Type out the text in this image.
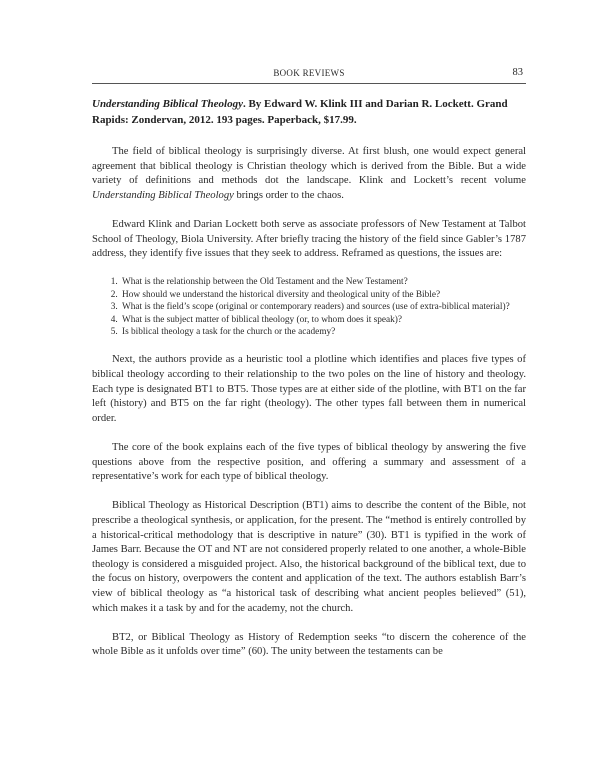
BOOK REVIEWS	83
Understanding Biblical Theology. By Edward W. Klink III and Darian R. Lockett. Grand Rapids: Zondervan, 2012. 193 pages. Paperback, $17.99.

The field of biblical theology is surprisingly diverse. At first blush, one would expect general agreement that biblical theology is Christian theology which is derived from the Bible. But a wide variety of definitions and methods dot the landscape. Klink and Lockett’s recent volume Understanding Biblical Theology brings order to the chaos.

Edward Klink and Darian Lockett both serve as associate professors of New Testament at Talbot School of Theology, Biola University. After briefly tracing the history of the field since Gabler’s 1787 address, they identify five issues that they seek to address. Reframed as questions, the issues are:

1. What is the relationship between the Old Testament and the New Testament?
2. How should we understand the historical diversity and theological unity of the Bible?
3. What is the field’s scope (original or contemporary readers) and sources (use of extra-biblical material)?
4. What is the subject matter of biblical theology (or, to whom does it speak)?
5. Is biblical theology a task for the church or the academy?

Next, the authors provide as a heuristic tool a plotline which identifies and places five types of biblical theology according to their relationship to the two poles on the line of history and theology. Each type is designated BT1 to BT5. Those types are at either side of the plotline, with BT1 on the far left (history) and BT5 on the far right (theology). The other types fall between them in numerical order.

The core of the book explains each of the five types of biblical theology by answering the five questions above from the respective position, and offering a summary and assessment of a representative’s work for each type of biblical theology.

Biblical Theology as Historical Description (BT1) aims to describe the content of the Bible, not prescribe a theological synthesis, or application, for the present. The “method is entirely controlled by a historical-critical methodology that is descriptive in nature” (30). BT1 is typified in the work of James Barr. Because the OT and NT are not considered properly related to one another, a whole-Bible theology is considered a misguided project. Also, the historical background of the biblical text, due to the focus on history, overpowers the content and application of the text. The authors establish Barr’s view of biblical theology as “a historical task of describing what ancient peoples believed” (51), which makes it a task by and for the academy, not the church.

BT2, or Biblical Theology as History of Redemption seeks “to discern the coherence of the whole Bible as it unfolds over time” (60). The unity between the testaments can be
